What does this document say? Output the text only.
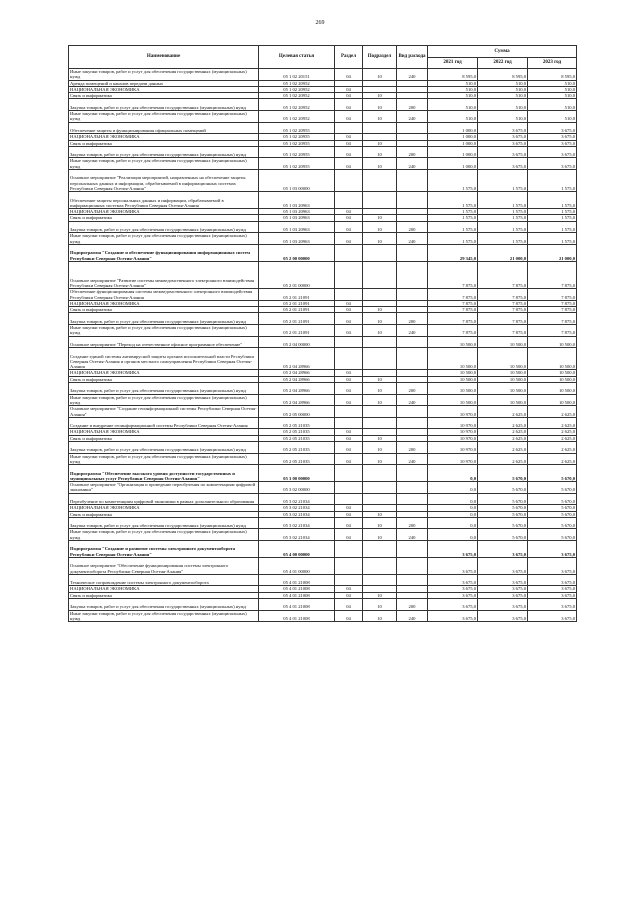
269
Наименование	Целевая статья	Раздел	Подраздел	Вид расхода	Сумма		
					2021 год	2022 год	2023 год
Иные закупки товаров, работ и услуг для обеспечения государственных (муниципальных) нужд	05 1 02 20151	04	10	240	8 595,0	8 595,0	8 595,0
Аренда помещений и каналов передачи данных	05 1 02 20952				510,0	510,0	510,0
НАЦИОНАЛЬНАЯ ЭКОНОМИКА	05 1 02 20952	04			510,0	510,0	510,0
Связь и информатика	05 1 02 20952	04	10		510,0	510,0	510,0
Закупка товаров, работ и услуг для обеспечения государственных (муниципальных) нужд	05 1 02 20952	04	10	200	510,0	510,0	510,0
Иные закупки товаров, работ и услуг для обеспечения государственных (муниципальных) нужд	05 1 02 20952	04	10	240	510,0	510,0	510,0
Обеспечение защиты и функционирования официальных помещений	05 1 02 20955				1 000,0	3 675,0	3 675,0
НАЦИОНАЛЬНАЯ ЭКОНОМИКА	05 1 02 20955	04			1 000,0	3 675,0	3 675,0
Связь и информатика	05 1 02 20955	04	10		1 000,0	3 675,0	3 675,0
Закупка товаров, работ и услуг для обеспечения государственных (муниципальных) нужд	05 1 02 20955	04	10	200	1 000,0	3 675,0	3 675,0
Иные закупки товаров, работ и услуг для обеспечения государственных (муниципальных) нужд	05 1 02 20955	04	10	240	1 000,0	3 675,0	3 675,0
Основное мероприятие "Реализация мероприятий, направленных на обеспечение защиты персональных данных и информации, обрабатываемой в информационных системах Республики Северная Осетия-Алания"	05 1 03 00000				1 575,0	1 575,0	1 575,0
Обеспечение защиты персональных данных и информации, обрабатываемой в информационных системах Республики Северная Осетия-Алания	05 1 03 20963				1 575,0	1 575,0	1 575,0
НАЦИОНАЛЬНАЯ ЭКОНОМИКА	05 1 03 20963	04			1 575,0	1 575,0	1 575,0
Связь и информатика	05 1 03 20963	04	10		1 575,0	1 575,0	1 575,0
Закупка товаров, работ и услуг для обеспечения государственных (муниципальных) нужд	05 1 03 20963	04	10	200	1 575,0	1 575,0	1 575,0
Иные закупки товаров, работ и услуг для обеспечения государственных (муниципальных) нужд	05 1 03 20963	04	10	240	1 575,0	1 575,0	1 575,0
Подпрограмма "Создание и обеспечение функционирования информационных систем Республики Северная Осетия-Алания"	05 2 00 00000				29 345,0	21 000,0	21 000,0
Основное мероприятие "Развитие системы межведомственного электронного взаимодействия Республики Северная Осетия-Алания"	05 2 01 00000				7 875,0	7 875,0	7 875,0
Обеспечение функционирования системы межведомственного электронного взаимодействия Республики Северная Осетия-Алания	05 2 01 21091				7 875,0	7 875,0	7 875,0
НАЦИОНАЛЬНАЯ ЭКОНОМИКА	05 2 01 21091	04			7 875,0	7 875,0	7 875,0
Связь и информатика	05 2 01 21091	04	10		7 875,0	7 875,0	7 875,0
Закупка товаров, работ и услуг для обеспечения государственных (муниципальных) нужд	05 2 01 21091	04	10	200	7 875,0	7 875,0	7 875,0
Иные закупки товаров, работ и услуг для обеспечения государственных (муниципальных) нужд	05 2 01 21091	04	10	240	7 875,0	7 875,0	7 875,0
Основное мероприятие "Переход на отечественное офисное программное обеспечение"	05 2 04 00000				10 500,0	10 500,0	10 500,0
Создание единой системы антивирусной защиты органов исполнительной власти Республики Северная Осетия-Алания и органов местного самоуправления Республики Северная Осетия-Алания	05 2 04 28966				10 500,0	10 500,0	10 500,0
НАЦИОНАЛЬНАЯ ЭКОНОМИКА	05 2 04 28966	04			10 500,0	10 500,0	10 500,0
Связь и информатика	05 2 04 28966	04	10		10 500,0	10 500,0	10 500,0
Закупка товаров, работ и услуг для обеспечения государственных (муниципальных) нужд	05 2 04 28966	04	10	200	10 500,0	10 500,0	10 500,0
Иные закупки товаров, работ и услуг для обеспечения государственных (муниципальных) нужд	05 2 04 28966	04	10	240	10 500,0	10 500,0	10 500,0
Основное мероприятие "Создание геоинформационной системы Республики Северная Осетия-Алания"	05 2 05 00000				10 970,0	2 625,0	2 625,0
Создание и внедрение геоинформационной системы Республики Северная Осетия-Алания	05 2 05 21035				10 970,0	2 625,0	2 625,0
НАЦИОНАЛЬНАЯ ЭКОНОМИКА	05 2 05 21035	04			10 970,0	2 625,0	2 625,0
Связь и информатика	05 2 05 21035	04	10		10 970,0	2 625,0	2 625,0
Закупка товаров, работ и услуг для обеспечения государственных (муниципальных) нужд	05 2 05 21035	04	10	200	10 970,0	2 625,0	2 625,0
Иные закупки товаров, работ и услуг для обеспечения государственных (муниципальных) нужд	05 2 05 21035	04	10	240	10 970,0	2 625,0	2 625,0
Подпрограмма "Обеспечение высокого уровня доступности государственных и муниципальных услуг Республики Северная Осетия-Алания"	05 3 00 00000				0,0	5 670,0	5 670,0
Основное мероприятие "Организация и проведение переобучения по компетенциям цифровой экономики"	05 3 02 00000				0,0	5 670,0	5 670,0
Переобучение по компетенциям цифровой экономики в рамках дополнительного образования	05 3 02 21034				0,0	5 670,0	5 670,0
НАЦИОНАЛЬНАЯ ЭКОНОМИКА	05 3 02 21034	04			0,0	5 670,0	5 670,0
Связь и информатика	05 3 02 21034	04	10		0,0	5 670,0	5 670,0
Закупка товаров, работ и услуг для обеспечения государственных (муниципальных) нужд	05 3 02 21034	04	10	200	0,0	5 670,0	5 670,0
Иные закупки товаров, работ и услуг для обеспечения государственных (муниципальных) нужд	05 3 02 21034	04	10	240	0,0	5 670,0	5 670,0
Подпрограмма "Создание и развитие системы электронного документооборота Республики Северная Осетия-Алания"	05 4 00 00000				3 675,0	3 675,0	3 675,0
Основное мероприятие "Обеспечение функционирования системы электронного документооборота Республики Северная Осетия-Алания"	05 4 01 00000				3 675,0	3 675,0	3 675,0
Техническое сопровождение системы электронного документооборота	05 4 01 21008				3 675,0	3 675,0	3 675,0
НАЦИОНАЛЬНАЯ ЭКОНОМИКА	05 4 01 21008	04			3 675,0	3 675,0	3 675,0
Связь и информатика	05 4 01 21008	04	10		3 675,0	3 675,0	3 675,0
Закупка товаров, работ и услуг для обеспечения государственных (муниципальных) нужд	05 4 01 21008	04	10	200	3 675,0	3 675,0	3 675,0
Иные закупки товаров, работ и услуг для обеспечения государственных (муниципальных) нужд	05 4 01 21008	04	10	240	3 675,0	3 675,0	3 675,0
